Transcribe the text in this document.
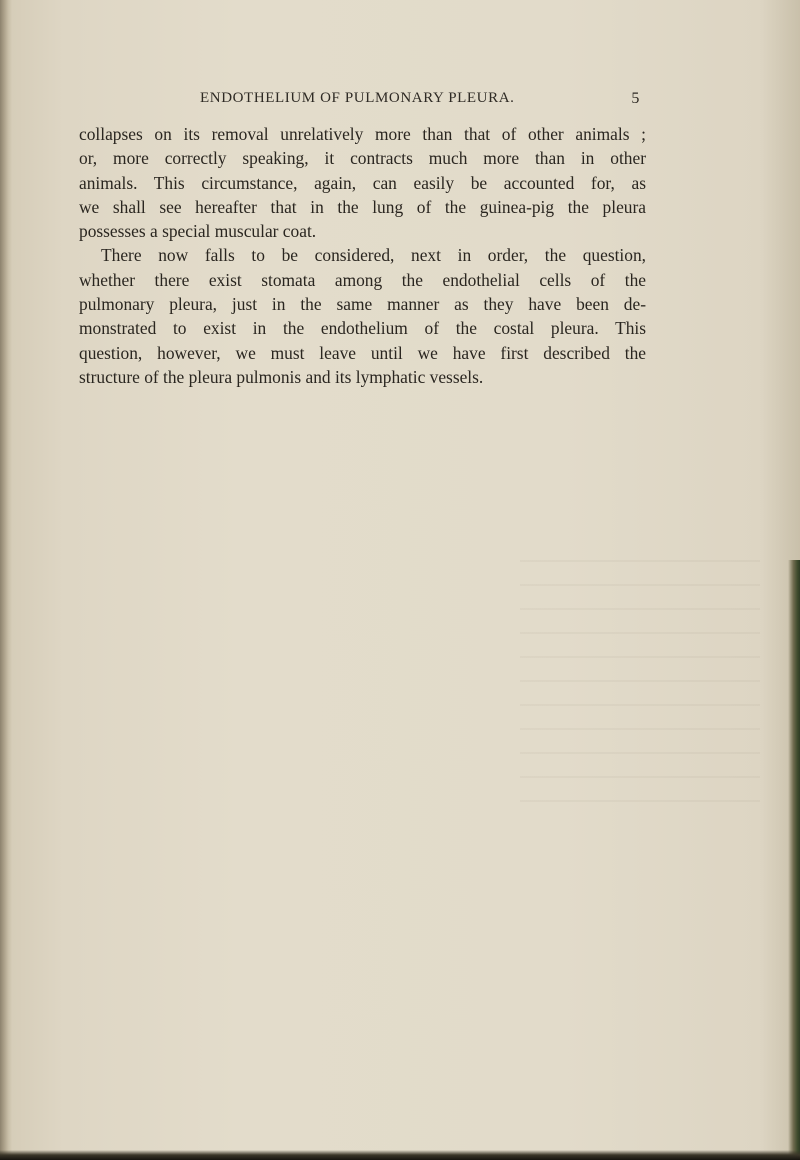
ENDOTHELIUM OF PULMONARY PLEURA.	5
collapses on its removal unrelatively more than that of other animals ;
or, more correctly speaking, it contracts much more than in other
animals. This circumstance, again, can easily be accounted for, as
we shall see hereafter that in the lung of the guinea-pig the pleura
possesses a special muscular coat.
There now falls to be considered, next in order, the question,
whether there exist stomata among the endothelial cells of the
pulmonary pleura, just in the same manner as they have been de-
monstrated to exist in the endothelium of the costal pleura. This
question, however, we must leave until we have first described the
structure of the pleura pulmonis and its lymphatic vessels.
